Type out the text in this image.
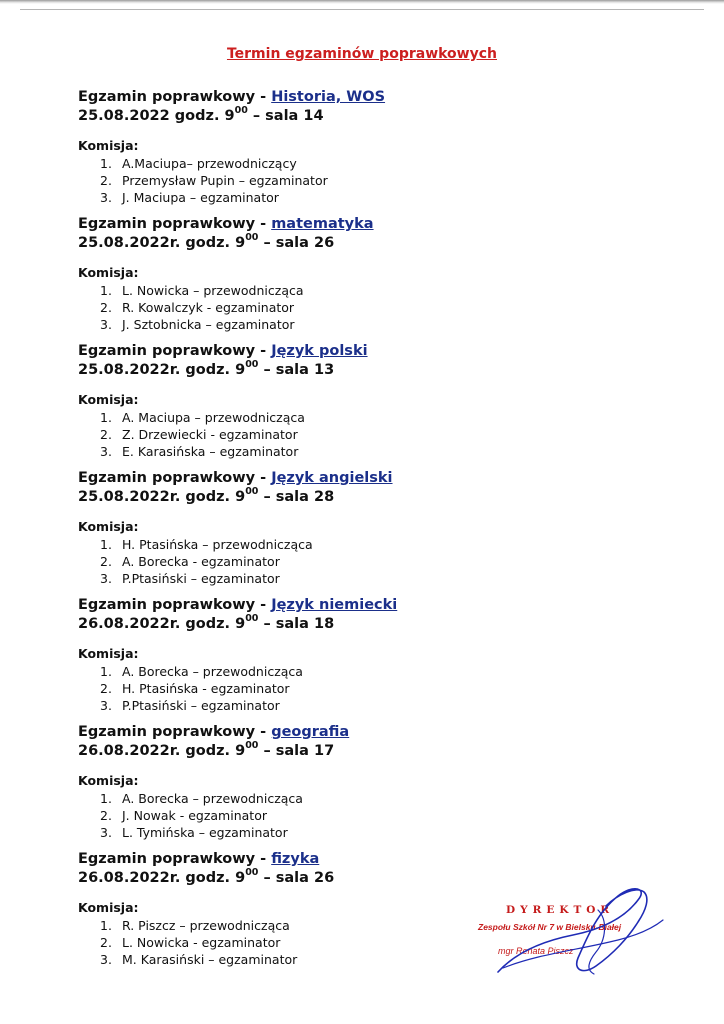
Termin egzaminów poprawkowych
Egzamin poprawkowy - Historia, WOS
25.08.2022 godz. $9^{00}$ – sala 14
Komisja:
1. A.Maciupa– przewodniczący
2. Przemysław Pupin – egzaminator
3. J. Maciupa – egzaminator
Egzamin poprawkowy - matematyka
25.08.2022r. godz. $9^{00}$ – sala 26
Komisja:
1. L. Nowicka – przewodnicząca
2. R. Kowalczyk - egzaminator
3. J. Sztobnicka – egzaminator
Egzamin poprawkowy - Język polski
25.08.2022r. godz. $9^{00}$ – sala 13
Komisja:
1. A. Maciupa – przewodnicząca
2. Z. Drzewiecki - egzaminator
3. E. Karasińska – egzaminator
Egzamin poprawkowy - Język angielski
25.08.2022r. godz. $9^{00}$ – sala 28
Komisja:
1. H. Ptasińska – przewodnicząca
2. A. Borecka - egzaminator
3. P.Ptasiński – egzaminator
Egzamin poprawkowy - Język niemiecki
26.08.2022r. godz. $9^{00}$ – sala 18
Komisja:
1. A. Borecka – przewodnicząca
2. H. Ptasińska - egzaminator
3. P.Ptasiński – egzaminator
Egzamin poprawkowy - geografia
26.08.2022r. godz. $9^{00}$ – sala 17
Komisja:
1. A. Borecka – przewodnicząca
2. J. Nowak - egzaminator
3. L. Tymińska – egzaminator
Egzamin poprawkowy - fizyka
26.08.2022r. godz. $9^{00}$ – sala 26
Komisja:
1. R. Piszcz – przewodnicząca
2. L. Nowicka - egzaminator
3. M. Karasiński – egzaminator
DYREKTOR
Zespołu Szkół Nr 7 w Bielsku-Białej
mgr Renata Piszcz
